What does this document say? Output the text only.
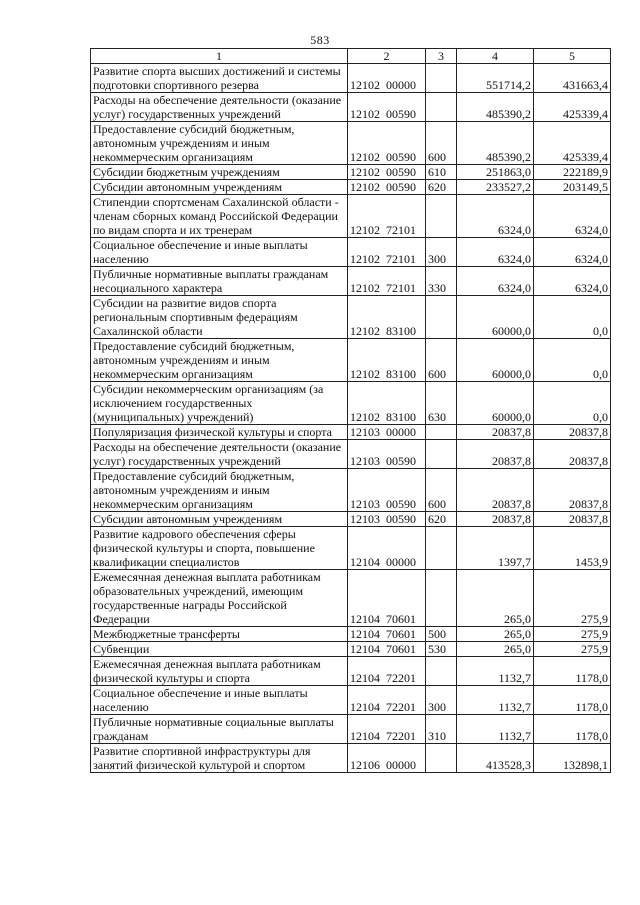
583
1	2	3	4	5
Развитие спорта высших достижений и системы подготовки спортивного резерва	12102  00000		551714,2	431663,4
Расходы на обеспечение деятельности (оказание услуг) государственных учреждений	12102  00590		485390,2	425339,4
Предоставление субсидий бюджетным, автономным учреждениям и иным некоммерческим организациям	12102  00590	600	485390,2	425339,4
Субсидии бюджетным учреждениям	12102  00590	610	251863,0	222189,9
Субсидии автономным учреждениям	12102  00590	620	233527,2	203149,5
Стипендии спортсменам Сахалинской области - членам сборных команд Российской Федерации по видам спорта и их тренерам	12102  72101		6324,0	6324,0
Социальное обеспечение и иные выплаты населению	12102  72101	300	6324,0	6324,0
Публичные нормативные выплаты гражданам несоциального характера	12102  72101	330	6324,0	6324,0
Субсидии на развитие видов спорта региональным спортивным федерациям Сахалинской области	12102  83100		60000,0	0,0
Предоставление субсидий бюджетным, автономным учреждениям и иным некоммерческим организациям	12102  83100	600	60000,0	0,0
Субсидии некоммерческим организациям (за исключением государственных (муниципальных) учреждений)	12102  83100	630	60000,0	0,0
Популяризация физической культуры и спорта	12103  00000		20837,8	20837,8
Расходы на обеспечение деятельности (оказание услуг) государственных учреждений	12103  00590		20837,8	20837,8
Предоставление субсидий бюджетным, автономным учреждениям и иным некоммерческим организациям	12103  00590	600	20837,8	20837,8
Субсидии автономным учреждениям	12103  00590	620	20837,8	20837,8
Развитие кадрового обеспечения сферы физической культуры и спорта, повышение квалификации специалистов	12104  00000		1397,7	1453,9
Ежемесячная денежная выплата работникам образовательных учреждений, имеющим государственные награды Российской Федерации	12104  70601		265,0	275,9
Межбюджетные трансферты	12104  70601	500	265,0	275,9
Субвенции	12104  70601	530	265,0	275,9
Ежемесячная денежная выплата работникам физической культуры и спорта	12104  72201		1132,7	1178,0
Социальное обеспечение и иные выплаты населению	12104  72201	300	1132,7	1178,0
Публичные нормативные социальные выплаты гражданам	12104  72201	310	1132,7	1178,0
Развитие спортивной инфраструктуры для занятий физической культурой и спортом	12106  00000		413528,3	132898,1
